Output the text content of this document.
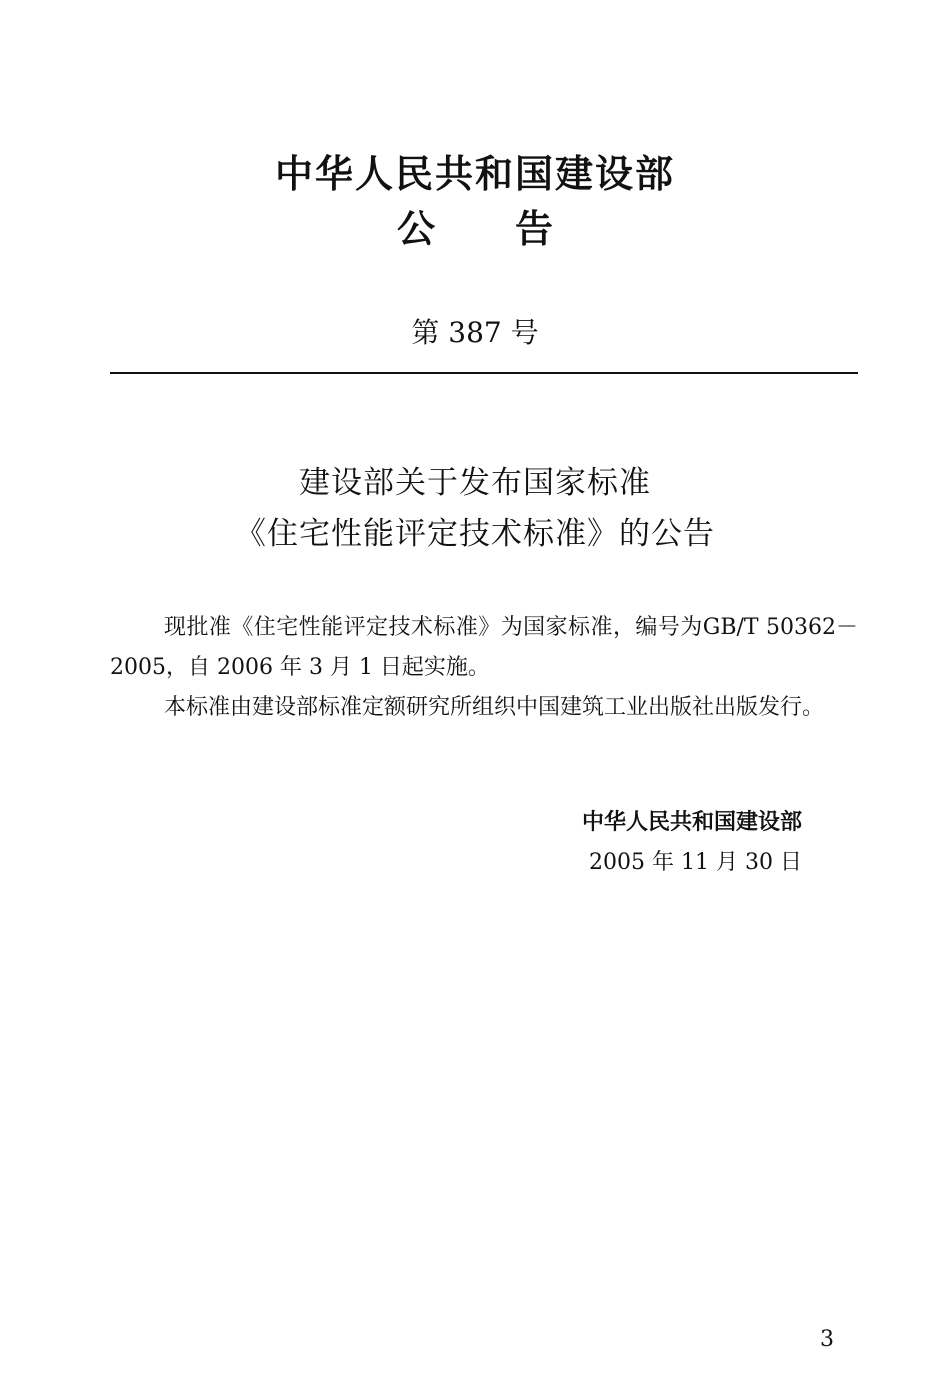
中华人民共和国建设部
公告
第 387 号
建设部关于发布国家标准
《住宅性能评定技术标准》的公告
现批准《住宅性能评定技术标准》为国家标准，编号为GB/T 50362－2005，自 2006 年 3 月 1 日起实施。
本标准由建设部标准定额研究所组织中国建筑工业出版社出版发行。
中华人民共和国建设部
2005 年 11 月 30 日
3
